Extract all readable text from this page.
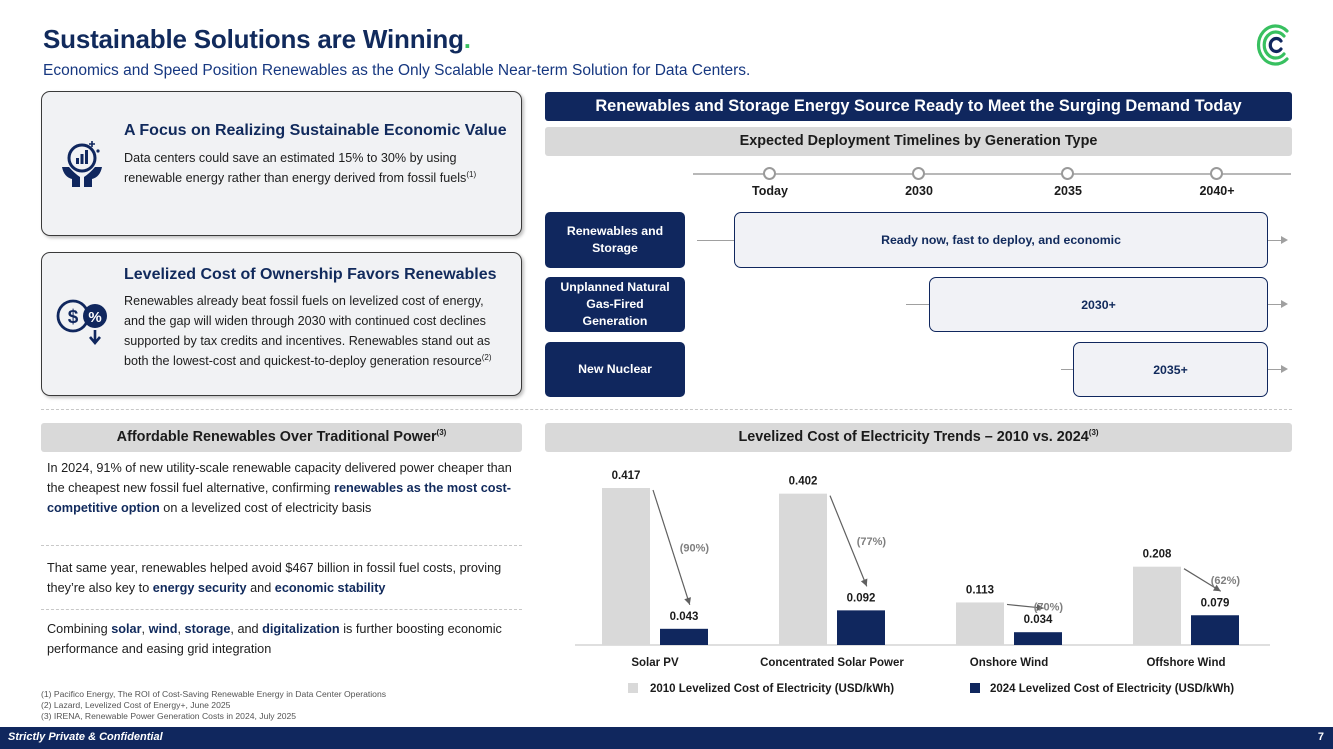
Sustainable Solutions are Winning.
Economics and Speed Position Renewables as the Only Scalable Near-term Solution for Data Centers.
A Focus on Realizing Sustainable Economic Value
Data centers could save an estimated 15% to 30% by using renewable energy rather than energy derived from fossil fuels$^{(1)}$
$ %
Levelized Cost of Ownership Favors Renewables
Renewables already beat fossil fuels on levelized cost of energy, and the gap will widen through 2030 with continued cost declines supported by tax credits and incentives. Renewables stand out as both the lowest-cost and quickest-to-deploy generation resource$^{(2)}$
Renewables and Storage Energy Source Ready to Meet the Surging Demand Today
Expected Deployment Timelines by Generation Type
Today	2030	2035	2040+
Renewables and Storage
Ready now, fast to deploy, and economic
Unplanned Natural Gas-Fired Generation
2030+
New Nuclear	2035+
Affordable Renewables Over Traditional Power$^{(3)}$
In 2024, 91% of new utility-scale renewable capacity delivered power cheaper than the cheapest new fossil fuel alternative, confirming renewables as the most cost-competitive option on a levelized cost of electricity basis
That same year, renewables helped avoid $467 billion in fossil fuel costs, proving they’re also key to energy security and economic stability
Combining solar, wind, storage, and digitalization is further boosting economic performance and easing grid integration
(1) Pacifico Energy, The ROI of Cost-Saving Renewable Energy in Data Center Operations
(2) Lazard, Levelized Cost of Energy+, June 2025
(3) IRENA, Renewable Power Generation Costs in 2024, July 2025
Levelized Cost of Electricity Trends – 2010 vs. 2024$^{(3)}$
0.417
0.043
Solar PV
(90%)
0.402
0.092
Concentrated Solar Power
(77%)
0.113
0.034
Onshore Wind
(70%)
0.208
0.079
Offshore Wind
(62%)
2010 Levelized Cost of Electricity (USD/kWh)	2024 Levelized Cost of Electricity (USD/kWh)
Strictly Private & Confidential	7
